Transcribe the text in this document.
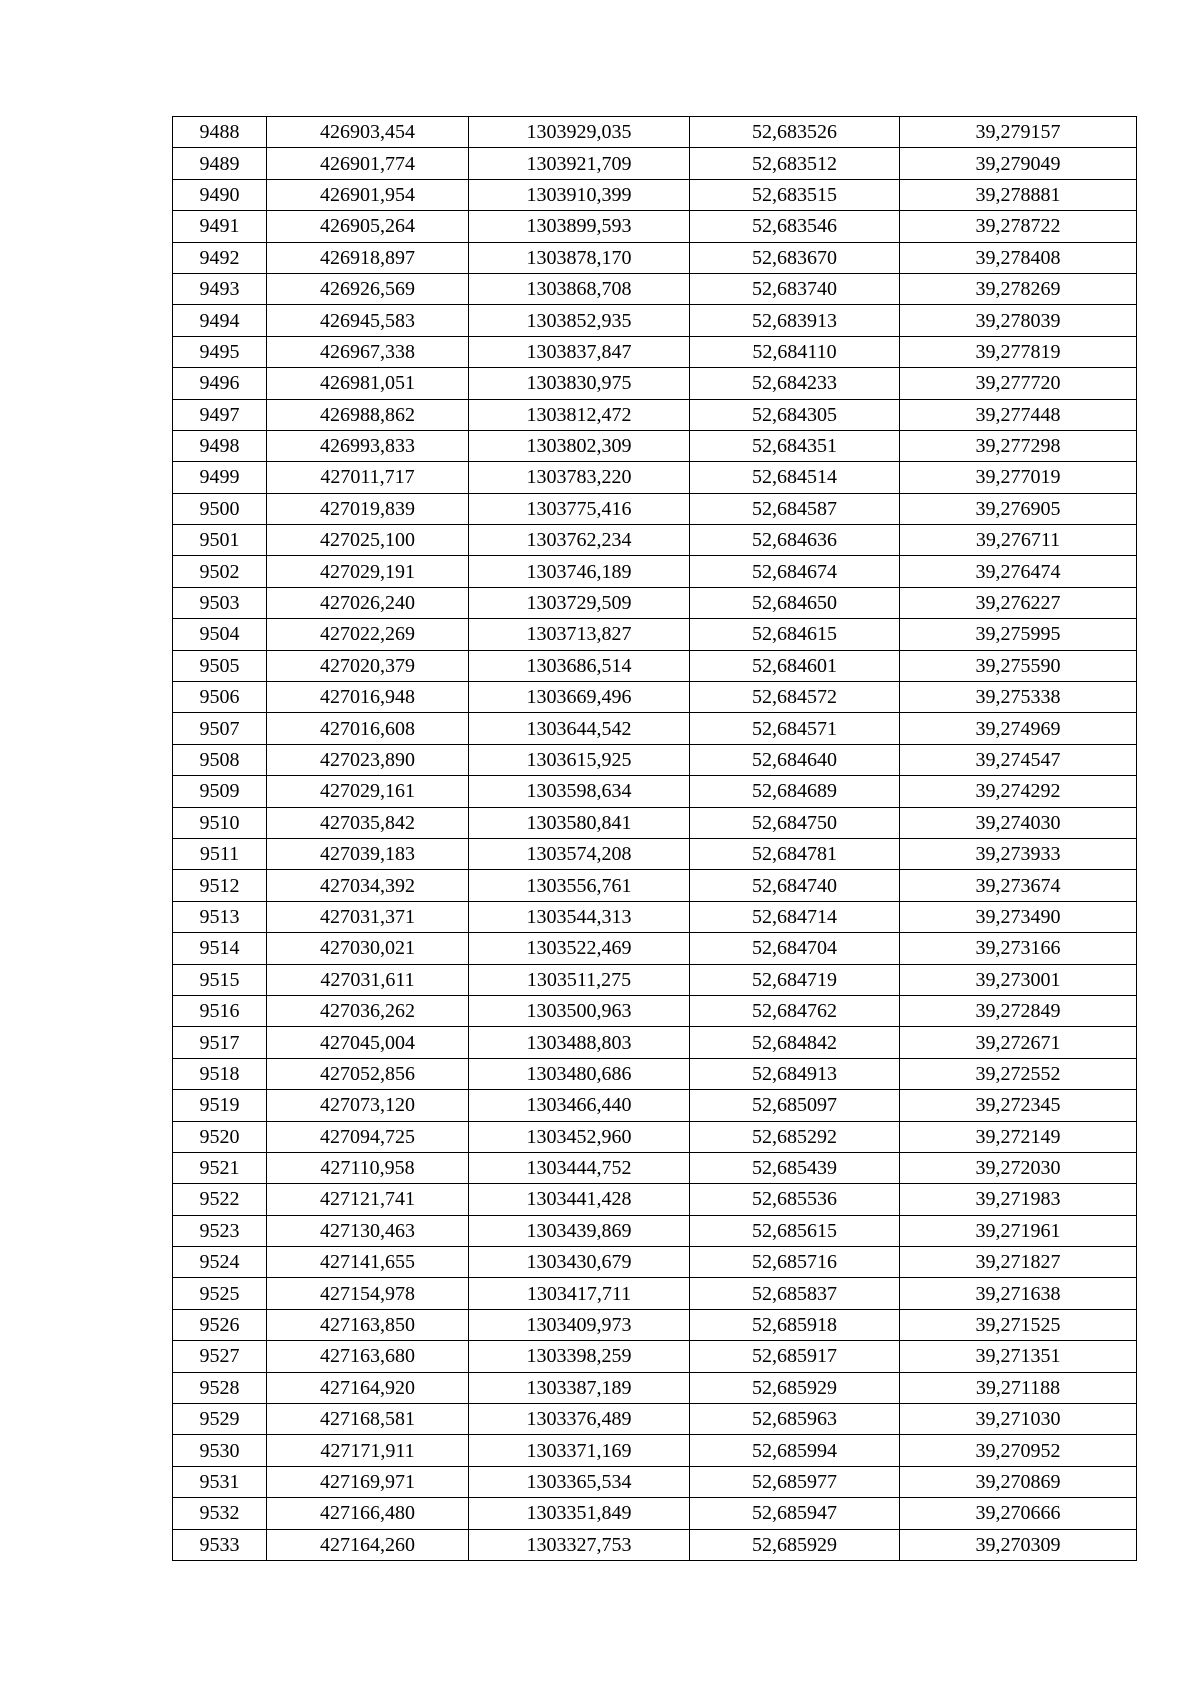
9488	426903,454	1303929,035	52,683526	39,279157
9489	426901,774	1303921,709	52,683512	39,279049
9490	426901,954	1303910,399	52,683515	39,278881
9491	426905,264	1303899,593	52,683546	39,278722
9492	426918,897	1303878,170	52,683670	39,278408
9493	426926,569	1303868,708	52,683740	39,278269
9494	426945,583	1303852,935	52,683913	39,278039
9495	426967,338	1303837,847	52,684110	39,277819
9496	426981,051	1303830,975	52,684233	39,277720
9497	426988,862	1303812,472	52,684305	39,277448
9498	426993,833	1303802,309	52,684351	39,277298
9499	427011,717	1303783,220	52,684514	39,277019
9500	427019,839	1303775,416	52,684587	39,276905
9501	427025,100	1303762,234	52,684636	39,276711
9502	427029,191	1303746,189	52,684674	39,276474
9503	427026,240	1303729,509	52,684650	39,276227
9504	427022,269	1303713,827	52,684615	39,275995
9505	427020,379	1303686,514	52,684601	39,275590
9506	427016,948	1303669,496	52,684572	39,275338
9507	427016,608	1303644,542	52,684571	39,274969
9508	427023,890	1303615,925	52,684640	39,274547
9509	427029,161	1303598,634	52,684689	39,274292
9510	427035,842	1303580,841	52,684750	39,274030
9511	427039,183	1303574,208	52,684781	39,273933
9512	427034,392	1303556,761	52,684740	39,273674
9513	427031,371	1303544,313	52,684714	39,273490
9514	427030,021	1303522,469	52,684704	39,273166
9515	427031,611	1303511,275	52,684719	39,273001
9516	427036,262	1303500,963	52,684762	39,272849
9517	427045,004	1303488,803	52,684842	39,272671
9518	427052,856	1303480,686	52,684913	39,272552
9519	427073,120	1303466,440	52,685097	39,272345
9520	427094,725	1303452,960	52,685292	39,272149
9521	427110,958	1303444,752	52,685439	39,272030
9522	427121,741	1303441,428	52,685536	39,271983
9523	427130,463	1303439,869	52,685615	39,271961
9524	427141,655	1303430,679	52,685716	39,271827
9525	427154,978	1303417,711	52,685837	39,271638
9526	427163,850	1303409,973	52,685918	39,271525
9527	427163,680	1303398,259	52,685917	39,271351
9528	427164,920	1303387,189	52,685929	39,271188
9529	427168,581	1303376,489	52,685963	39,271030
9530	427171,911	1303371,169	52,685994	39,270952
9531	427169,971	1303365,534	52,685977	39,270869
9532	427166,480	1303351,849	52,685947	39,270666
9533	427164,260	1303327,753	52,685929	39,270309
